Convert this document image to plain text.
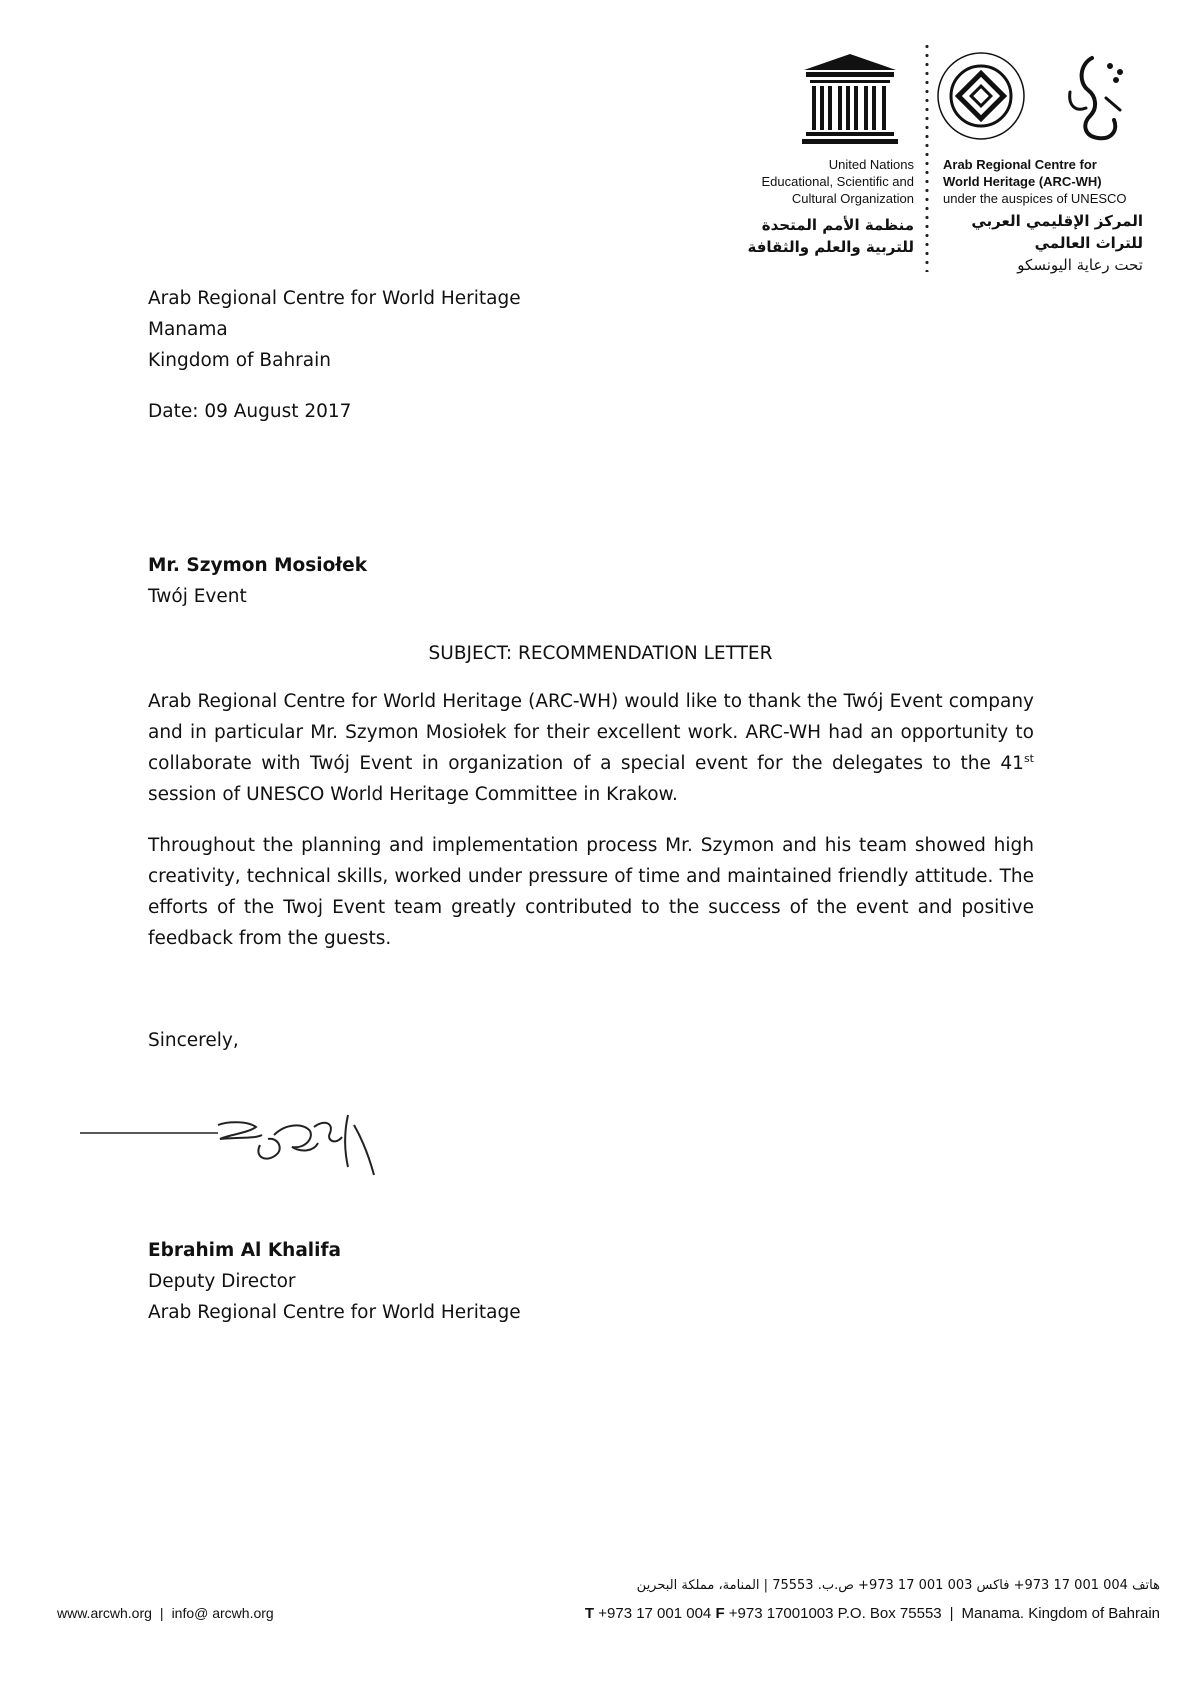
United Nations
Educational, Scientific and
Cultural Organization
منظمة الأمم المتحدة
للتربية والعلم والثقافة
Arab Regional Centre for
World Heritage (ARC-WH)
under the auspices of UNESCO
المركز الإقليمي العربي
للتراث العالمي
تحت رعاية اليونسكو
Arab Regional Centre for World Heritage
Manama
Kingdom of Bahrain
Date: 09 August 2017
Mr. Szymon Mosiołek
Twój Event
SUBJECT: RECOMMENDATION LETTER
Arab Regional Centre for World Heritage (ARC-WH) would like to thank the Twój Event company and in particular Mr. Szymon Mosiołek for their excellent work. ARC-WH had an opportunity to collaborate with Twój Event in organization of a special event for the delegates to the 41st session of UNESCO World Heritage Committee in Krakow.
Throughout the planning and implementation process Mr. Szymon and his team showed high creativity, technical skills, worked under pressure of time and maintained friendly attitude. The efforts of the Twoj Event team greatly contributed to the success of the event and positive feedback from the guests.
Sincerely,
Ebrahim Al Khalifa
Deputy Director
Arab Regional Centre for World Heritage
هاتف 004 001 17 973+ فاكس 003 001 17 973+ ص.ب. 75553 | المنامة، مملكة البحرين
www.arcwh.org | info@ arcwh.org	T +973 17 001 004 F +973 17001003 P.O. Box 75553 | Manama. Kingdom of Bahrain
